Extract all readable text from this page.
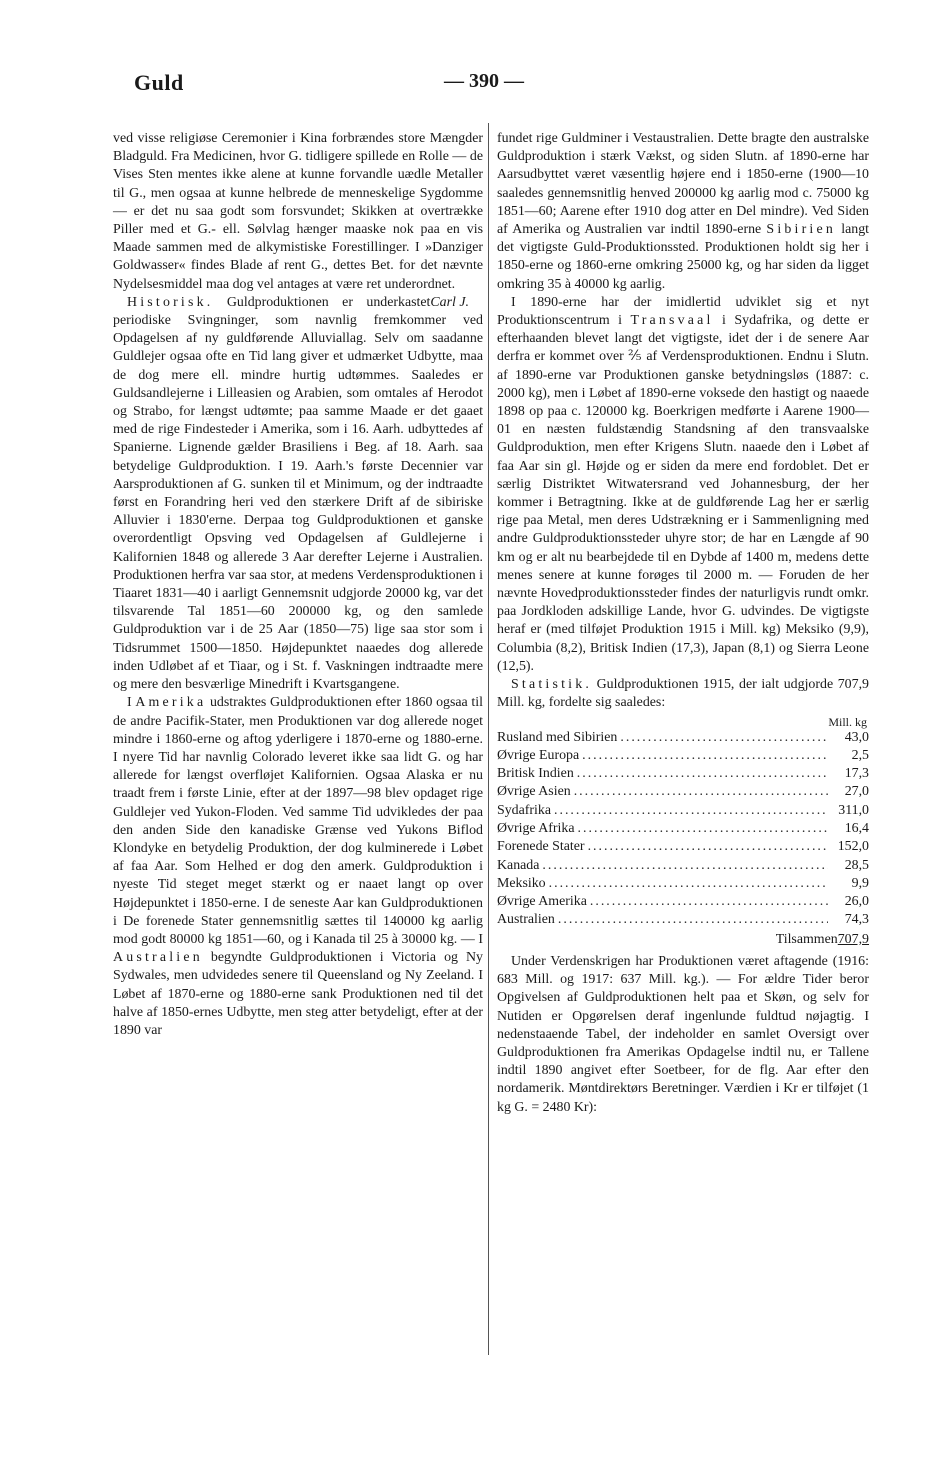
Guld	— 390 —

ved visse religiøse Ceremonier i Kina forbrændes store Mængder Bladguld. Fra Medicinen, hvor G. tidligere spillede en Rolle — de Vises Sten mentes ikke alene at kunne forvandle uædle Metaller til G., men ogsaa at kunne helbrede de menneskelige Sygdomme — er det nu saa godt som forsvundet; Skikken at overtrække Piller med et G.- ell. Sølvlag hænger maaske nok paa en vis Maade sammen med de alkymistiske Forestillinger. I »Danziger Goldwasser« findes Blade af rent G., dettes Bet. for det nævnte Nydelsesmiddel maa dog vel antages at være ret underordnet.
Carl J.

Historisk. Guldproduktionen er underkastet periodiske Svingninger, som navnlig fremkommer ved Opdagelsen af ny guldførende Alluviallag. Selv om saadanne Guldlejer ogsaa ofte en Tid lang giver et udmærket Udbytte, maa de dog mere ell. mindre hurtig udtømmes. Saaledes er Guldsandlejerne i Lilleasien og Arabien, som omtales af Herodot og Strabo, for længst udtømte; paa samme Maade er det gaaet med de rige Findesteder i Amerika, som i 16. Aarh. udbyttedes af Spanierne. Lignende gælder Brasiliens i Beg. af 18. Aarh. saa betydelige Guldproduktion. I 19. Aarh.'s første Decennier var Aarsproduktionen af G. sunken til et Minimum, og der indtraadte først en Forandring heri ved den stærkere Drift af de sibiriske Alluvier i 1830'erne. Derpaa tog Guldproduktionen et ganske overordentligt Opsving ved Opdagelsen af Guldlejerne i Kalifornien 1848 og allerede 3 Aar derefter Lejerne i Australien. Produktionen herfra var saa stor, at medens Verdensproduktionen i Tiaaret 1831—40 i aarligt Gennemsnit udgjorde 20000 kg, var det tilsvarende Tal 1851—60 200000 kg, og den samlede Guldproduktion var i de 25 Aar (1850—75) lige saa stor som i Tidsrummet 1500—1850. Højdepunktet naaedes dog allerede inden Udløbet af et Tiaar, og i St. f. Vaskningen indtraadte mere og mere den besværlige Minedrift i Kvartsgangene.

I Amerika udstraktes Guldproduktionen efter 1860 ogsaa til de andre Pacifik-Stater, men Produktionen var dog allerede noget mindre i 1860-erne og aftog yderligere i 1870-erne og 1880-erne. I nyere Tid har navnlig Colorado leveret ikke saa lidt G. og har allerede for længst overfløjet Kalifornien. Ogsaa Alaska er nu traadt frem i første Linie, efter at der 1897—98 blev opdaget rige Guldlejer ved Yukon-Floden. Ved samme Tid udvikledes der paa den anden Side den kanadiske Grænse ved Yukons Biflod Klondyke en betydelig Produktion, der dog kulminerede i Løbet af faa Aar. Som Helhed er dog den amerk. Guldproduktion i nyeste Tid steget meget stærkt og er naaet langt op over Højdepunktet i 1850-erne. I de seneste Aar kan Guldproduktionen i De forenede Stater gennemsnitlig sættes til 140000 kg aarlig mod godt 80000 kg 1851—60, og i Kanada til 25 à 30000 kg. — I Australien begyndte Guldproduktionen i Victoria og Ny Sydwales, men udvidedes senere til Queensland og Ny Zeeland. I Løbet af 1870-erne og 1880-erne sank Produktionen ned til det halve af 1850-ernes Udbytte, men steg atter betydeligt, efter at der 1890 var

fundet rige Guldminer i Vestaustralien. Dette bragte den australske Guldproduktion i stærk Vækst, og siden Slutn. af 1890-erne har Aarsudbyttet været væsentlig højere end i 1850-erne (1900—10 saaledes gennemsnitlig henved 200000 kg aarlig mod c. 75000 kg 1851—60; Aarene efter 1910 dog atter en Del mindre). Ved Siden af Amerika og Australien var indtil 1890-erne Sibirien langt det vigtigste Guld-Produktionssted. Produktionen holdt sig her i 1850-erne og 1860-erne omkring 25000 kg, og har siden da ligget omkring 35 à 40000 kg aarlig.

I 1890-erne har der imidlertid udviklet sig et nyt Produktionscentrum i Transvaal i Sydafrika, og dette er efterhaanden blevet langt det vigtigste, idet der i de senere Aar derfra er kommet over ⅖ af Verdensproduktionen. Endnu i Slutn. af 1890-erne var Produktionen ganske betydningsløs (1887: c. 2000 kg), men i Løbet af 1890-erne voksede den hastigt og naaede 1898 op paa c. 120000 kg. Boerkrigen medførte i Aarene 1900—01 en næsten fuldstændig Standsning af den transvaalske Guldproduktion, men efter Krigens Slutn. naaede den i Løbet af faa Aar sin gl. Højde og er siden da mere end fordoblet. Det er særlig Distriktet Witwatersrand ved Johannesburg, der her kommer i Betragtning. Ikke at de guldførende Lag her er særlig rige paa Metal, men deres Udstrækning er i Sammenligning med andre Guldproduktionssteder uhyre stor; de har en Længde af 90 km og er alt nu bearbejdede til en Dybde af 1400 m, medens dette menes senere at kunne forøges til 2000 m. — Foruden de her nævnte Hovedproduktionssteder findes der naturligvis rundt omkr. paa Jordkloden adskillige Lande, hvor G. udvindes. De vigtigste heraf er (med tilføjet Produktion 1915 i Mill. kg) Meksiko (9,9), Columbia (8,2), Britisk Indien (17,3), Japan (8,1) og Sierra Leone (12,5).

Statistik. Guldproduktionen 1915, der ialt udgjorde 707,9 Mill. kg, fordelte sig saaledes:

Mill. kg
Rusland med Sibirien .....	43,0
Øvrige Europa .....	2,5
Britisk Indien .....	17,3
Øvrige Asien .....	27,0
Sydafrika .....	311,0
Øvrige Afrika .....	16,4
Forenede Stater .....	152,0
Kanada .....	28,5
Meksiko .....	9,9
Øvrige Amerika .....	26,0
Australien .....	74,3
Tilsammen707,9

Under Verdenskrigen har Produktionen været aftagende (1916: 683 Mill. og 1917: 637 Mill. kg.). — For ældre Tider beror Opgivelsen af Guldproduktionen helt paa et Skøn, og selv for Nutiden er Opgørelsen deraf ingenlunde fuldtud nøjagtig. I nedenstaaende Tabel, der indeholder en samlet Oversigt over Guldproduktionen fra Amerikas Opdagelse indtil nu, er Tallene indtil 1890 angivet efter Soetbeer, for de flg. Aar efter den nordamerik. Møntdirektørs Beretninger. Værdien i Kr er tilføjet (1 kg G. = 2480 Kr):
